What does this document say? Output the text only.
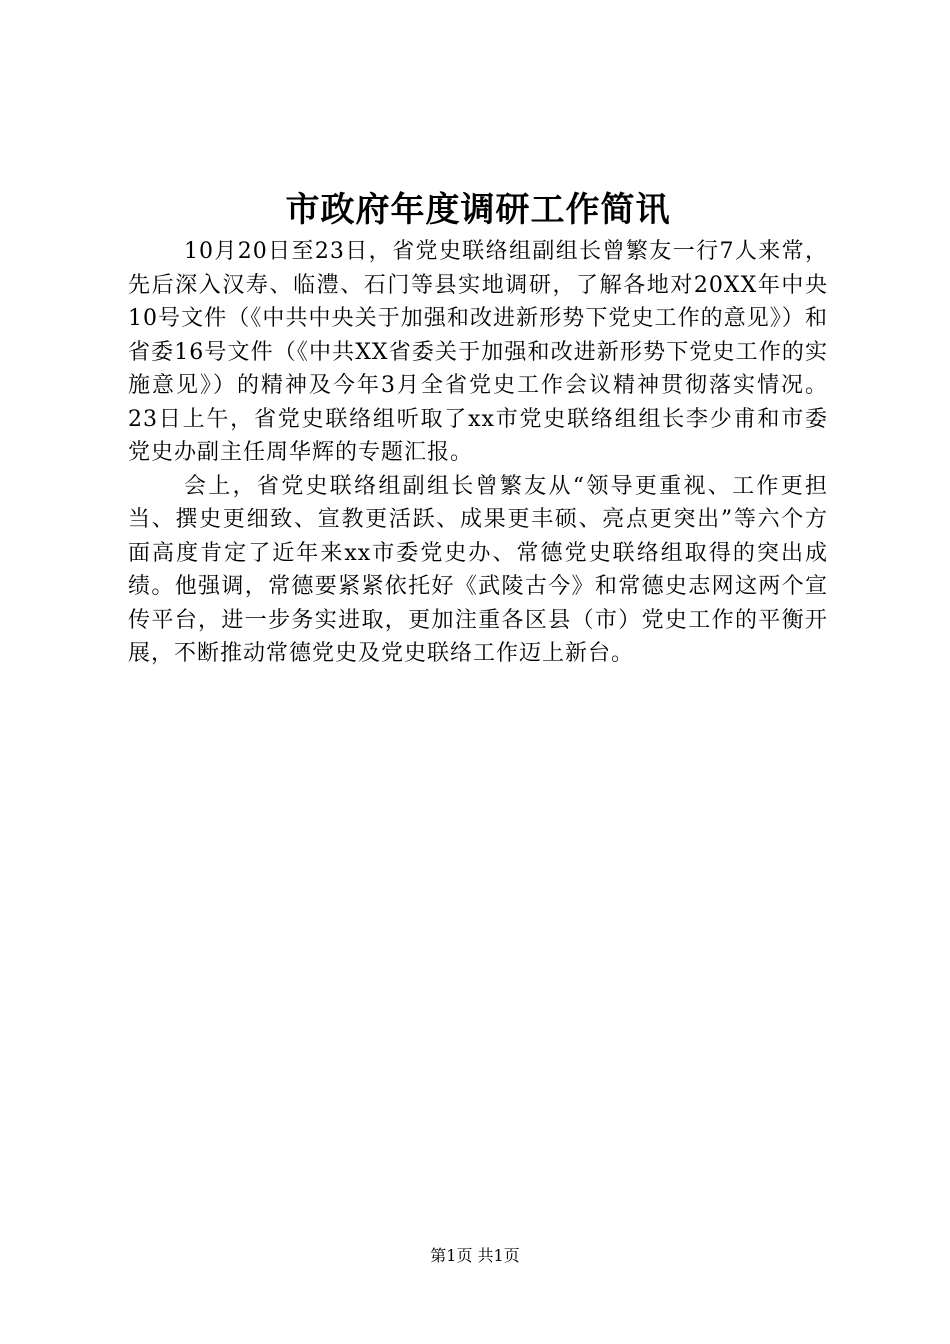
市政府年度调研工作简讯

10月20日至23日，省党史联络组副组长曾繁友一行7人来常，先后深入汉寿、临澧、石门等县实地调研，了解各地对20XX年中央10号文件（《中共中央关于加强和改进新形势下党史工作的意见》）和省委16号文件（《中共XX省委关于加强和改进新形势下党史工作的实施意见》）的精神及今年3月全省党史工作会议精神贯彻落实情况。23日上午，省党史联络组听取了xx市党史联络组组长李少甫和市委党史办副主任周华辉的专题汇报。

会上，省党史联络组副组长曾繁友从“领导更重视、工作更担当、撰史更细致、宣教更活跃、成果更丰硕、亮点更突出”等六个方面高度肯定了近年来xx市委党史办、常德党史联络组取得的突出成绩。他强调，常德要紧紧依托好《武陵古今》和常德史志网这两个宣传平台，进一步务实进取，更加注重各区县（市）党史工作的平衡开展，不断推动常德党史及党史联络工作迈上新台。

第1页 共1页
